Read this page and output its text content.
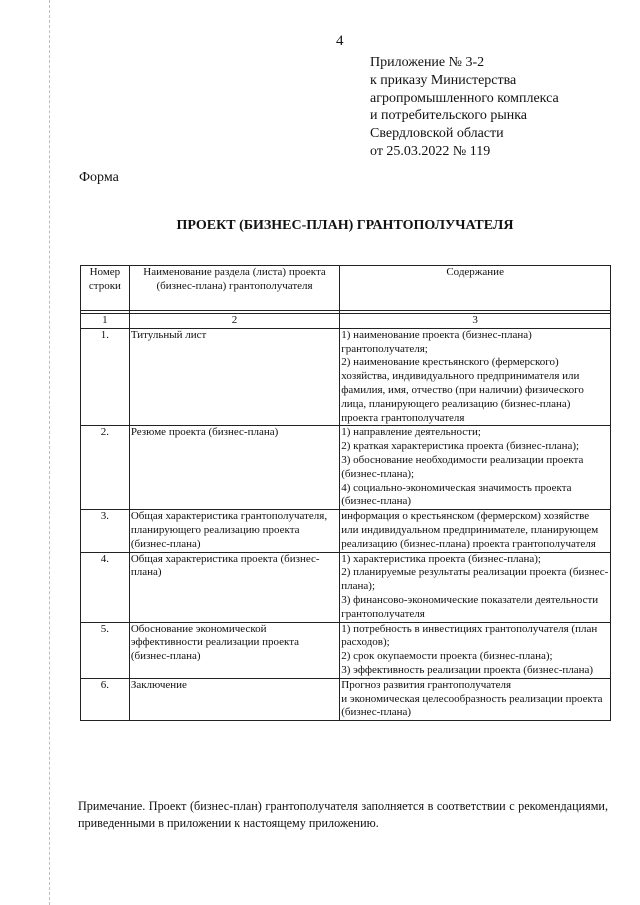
4
Приложение № 3-2
к приказу Министерства
агропромышленного комплекса
и потребительского рынка
Свердловской области
от 25.03.2022 № 119
Форма
ПРОЕКТ (БИЗНЕС-ПЛАН) ГРАНТОПОЛУЧАТЕЛЯ
Номер строки	Наименование раздела (листа) проекта (бизнес-плана) грантополучателя	Содержание

1	2	3
1.	Титульный лист	1) наименование проекта (бизнес-плана) грантополучателя;
2) наименование крестьянского (фермерского) хозяйства, индивидуального предпринимателя или фамилия, имя, отчество (при наличии) физического лица, планирующего реализацию (бизнес-плана) проекта грантополучателя

2.	Резюме проекта (бизнес-плана)	1) направление деятельности;
2) краткая характеристика проекта (бизнес-плана);
3) обоснование необходимости реализации проекта (бизнес-плана);
4) социально-экономическая значимость проекта (бизнес-плана)

3.	Общая характеристика грантополучателя, планирующего реализацию проекта (бизнес-плана)	информация о крестьянском (фермерском) хозяйстве или индивидуальном предпринимателе, планирующем реализацию (бизнес-плана) проекта грантополучателя

4.	Общая характеристика проекта (бизнес-плана)	1) характеристика проекта (бизнес-плана);
2) планируемые результаты реализации проекта (бизнес-плана);
3) финансово-экономические показатели деятельности грантополучателя

5.	Обоснование экономической эффективности реализации проекта (бизнес-плана)	1) потребность в инвестициях грантополучателя (план расходов);
2) срок окупаемости проекта (бизнес-плана);
3) эффективность реализации проекта (бизнес-плана)

6.	Заключение	Прогноз развития грантополучателя
и экономическая целесообразность реализации проекта (бизнес-плана)
Примечание. Проект (бизнес-план) грантополучателя заполняется в соответствии с рекомендациями, приведенными в приложении к настоящему приложению.
